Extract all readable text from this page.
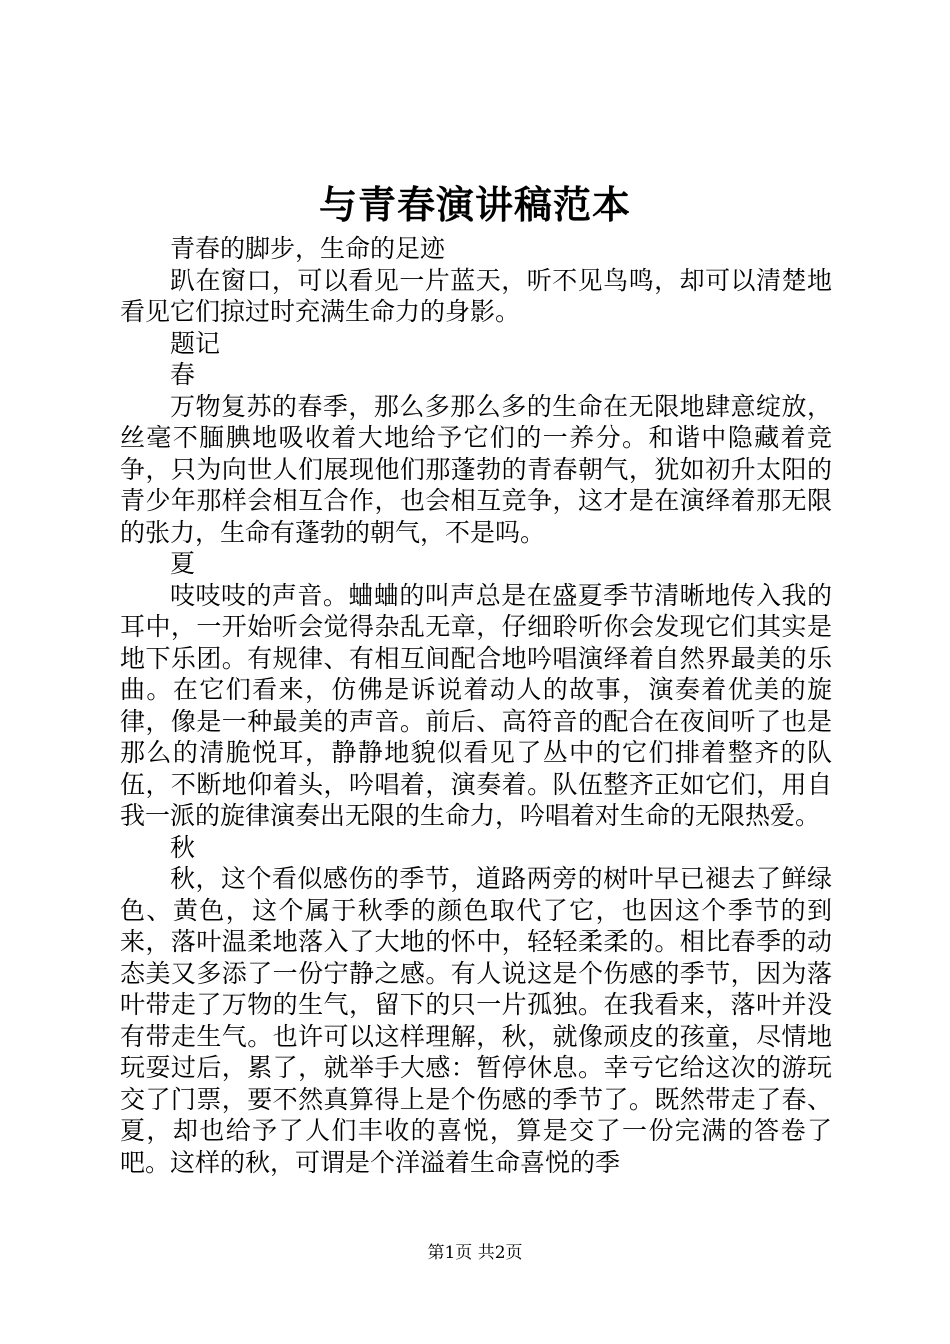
与青春演讲稿范本

青春的脚步，生命的足迹

趴在窗口，可以看见一片蓝天，听不见鸟鸣，却可以清楚地看见它们掠过时充满生命力的身影。

题记

春

万物复苏的春季，那么多那么多的生命在无限地肆意绽放，丝毫不腼腆地吸收着大地给予它们的一养分。和谐中隐藏着竞争，只为向世人们展现他们那蓬勃的青春朝气，犹如初升太阳的青少年那样会相互合作，也会相互竞争，这才是在演绎着那无限的张力，生命有蓬勃的朝气，不是吗。

夏

吱吱吱的声音。蛐蛐的叫声总是在盛夏季节清晰地传入我的耳中，一开始听会觉得杂乱无章，仔细聆听你会发现它们其实是地下乐团。有规律、有相互间配合地吟唱演绎着自然界最美的乐曲。在它们看来，仿佛是诉说着动人的故事，演奏着优美的旋律，像是一种最美的声音。前后、高符音的配合在夜间听了也是那么的清脆悦耳，静静地貌似看见了丛中的它们排着整齐的队伍，不断地仰着头，吟唱着，演奏着。队伍整齐正如它们，用自我一派的旋律演奏出无限的生命力，吟唱着对生命的无限热爱。

秋

秋，这个看似感伤的季节，道路两旁的树叶早已褪去了鲜绿色、黄色，这个属于秋季的颜色取代了它，也因这个季节的到来，落叶温柔地落入了大地的怀中，轻轻柔柔的。相比春季的动态美又多添了一份宁静之感。有人说这是个伤感的季节，因为落叶带走了万物的生气，留下的只一片孤独。在我看来，落叶并没有带走生气。也许可以这样理解，秋，就像顽皮的孩童，尽情地玩耍过后，累了，就举手大感：暂停休息。幸亏它给这次的游玩交了门票，要不然真算得上是个伤感的季节了。既然带走了春、夏，却也给予了人们丰收的喜悦，算是交了一份完满的答卷了吧。这样的秋，可谓是个洋溢着生命喜悦的季

第1页 共2页
